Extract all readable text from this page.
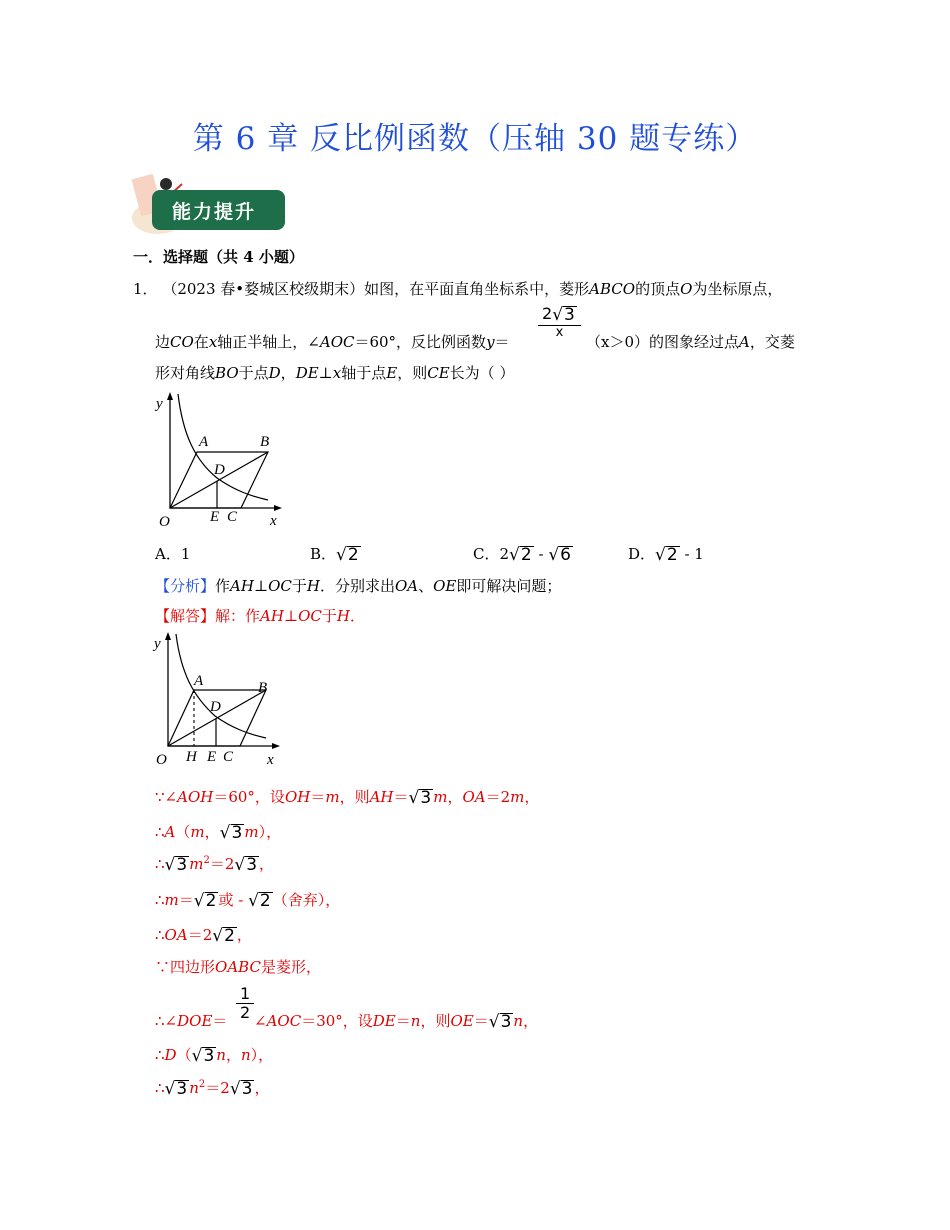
第 6 章 反比例函数（压轴 30 题专练）
能力提升
一．选择题（共 4 小题）
1． （2023 春•婺城区校级期末）如图，在平面直角坐标系中，菱形ABCO的顶点O为坐标原点，
$\frac{2√3}{x}$
边CO在x轴正半轴上，∠AOC＝60°，反比例函数y＝	（x＞0）的图象经过点A，交菱
形对角线BO于点D，DE⊥x轴于点E，则CE长为（ ）
y
O
A	B
D
E C x
A．1	B．√2	C．2√2 - √6	D．√2 - 1
【分析】作AH⊥OC于H．分别求出OA、OE即可解决问题；
【解答】解：作AH⊥OC于H．
y
O
A	B
D
H E C x
∵∠AOH＝60°，设OH＝m，则AH＝√3 m，OA＝2m，
∴A（m，√3 m），
∴√3 $m^2=2√3$ ，
∴m＝√2 或 - √2 （舍弃），
∴OA＝2√2 ，
∵四边形OABC是菱形，
$\frac{1}{2}$
∴∠DOE＝ ∠AOC＝30°，设DE＝n，则OE＝√3 n，
∴D（√3 n，n），
∴√3 $n^2=2√3$ ，
